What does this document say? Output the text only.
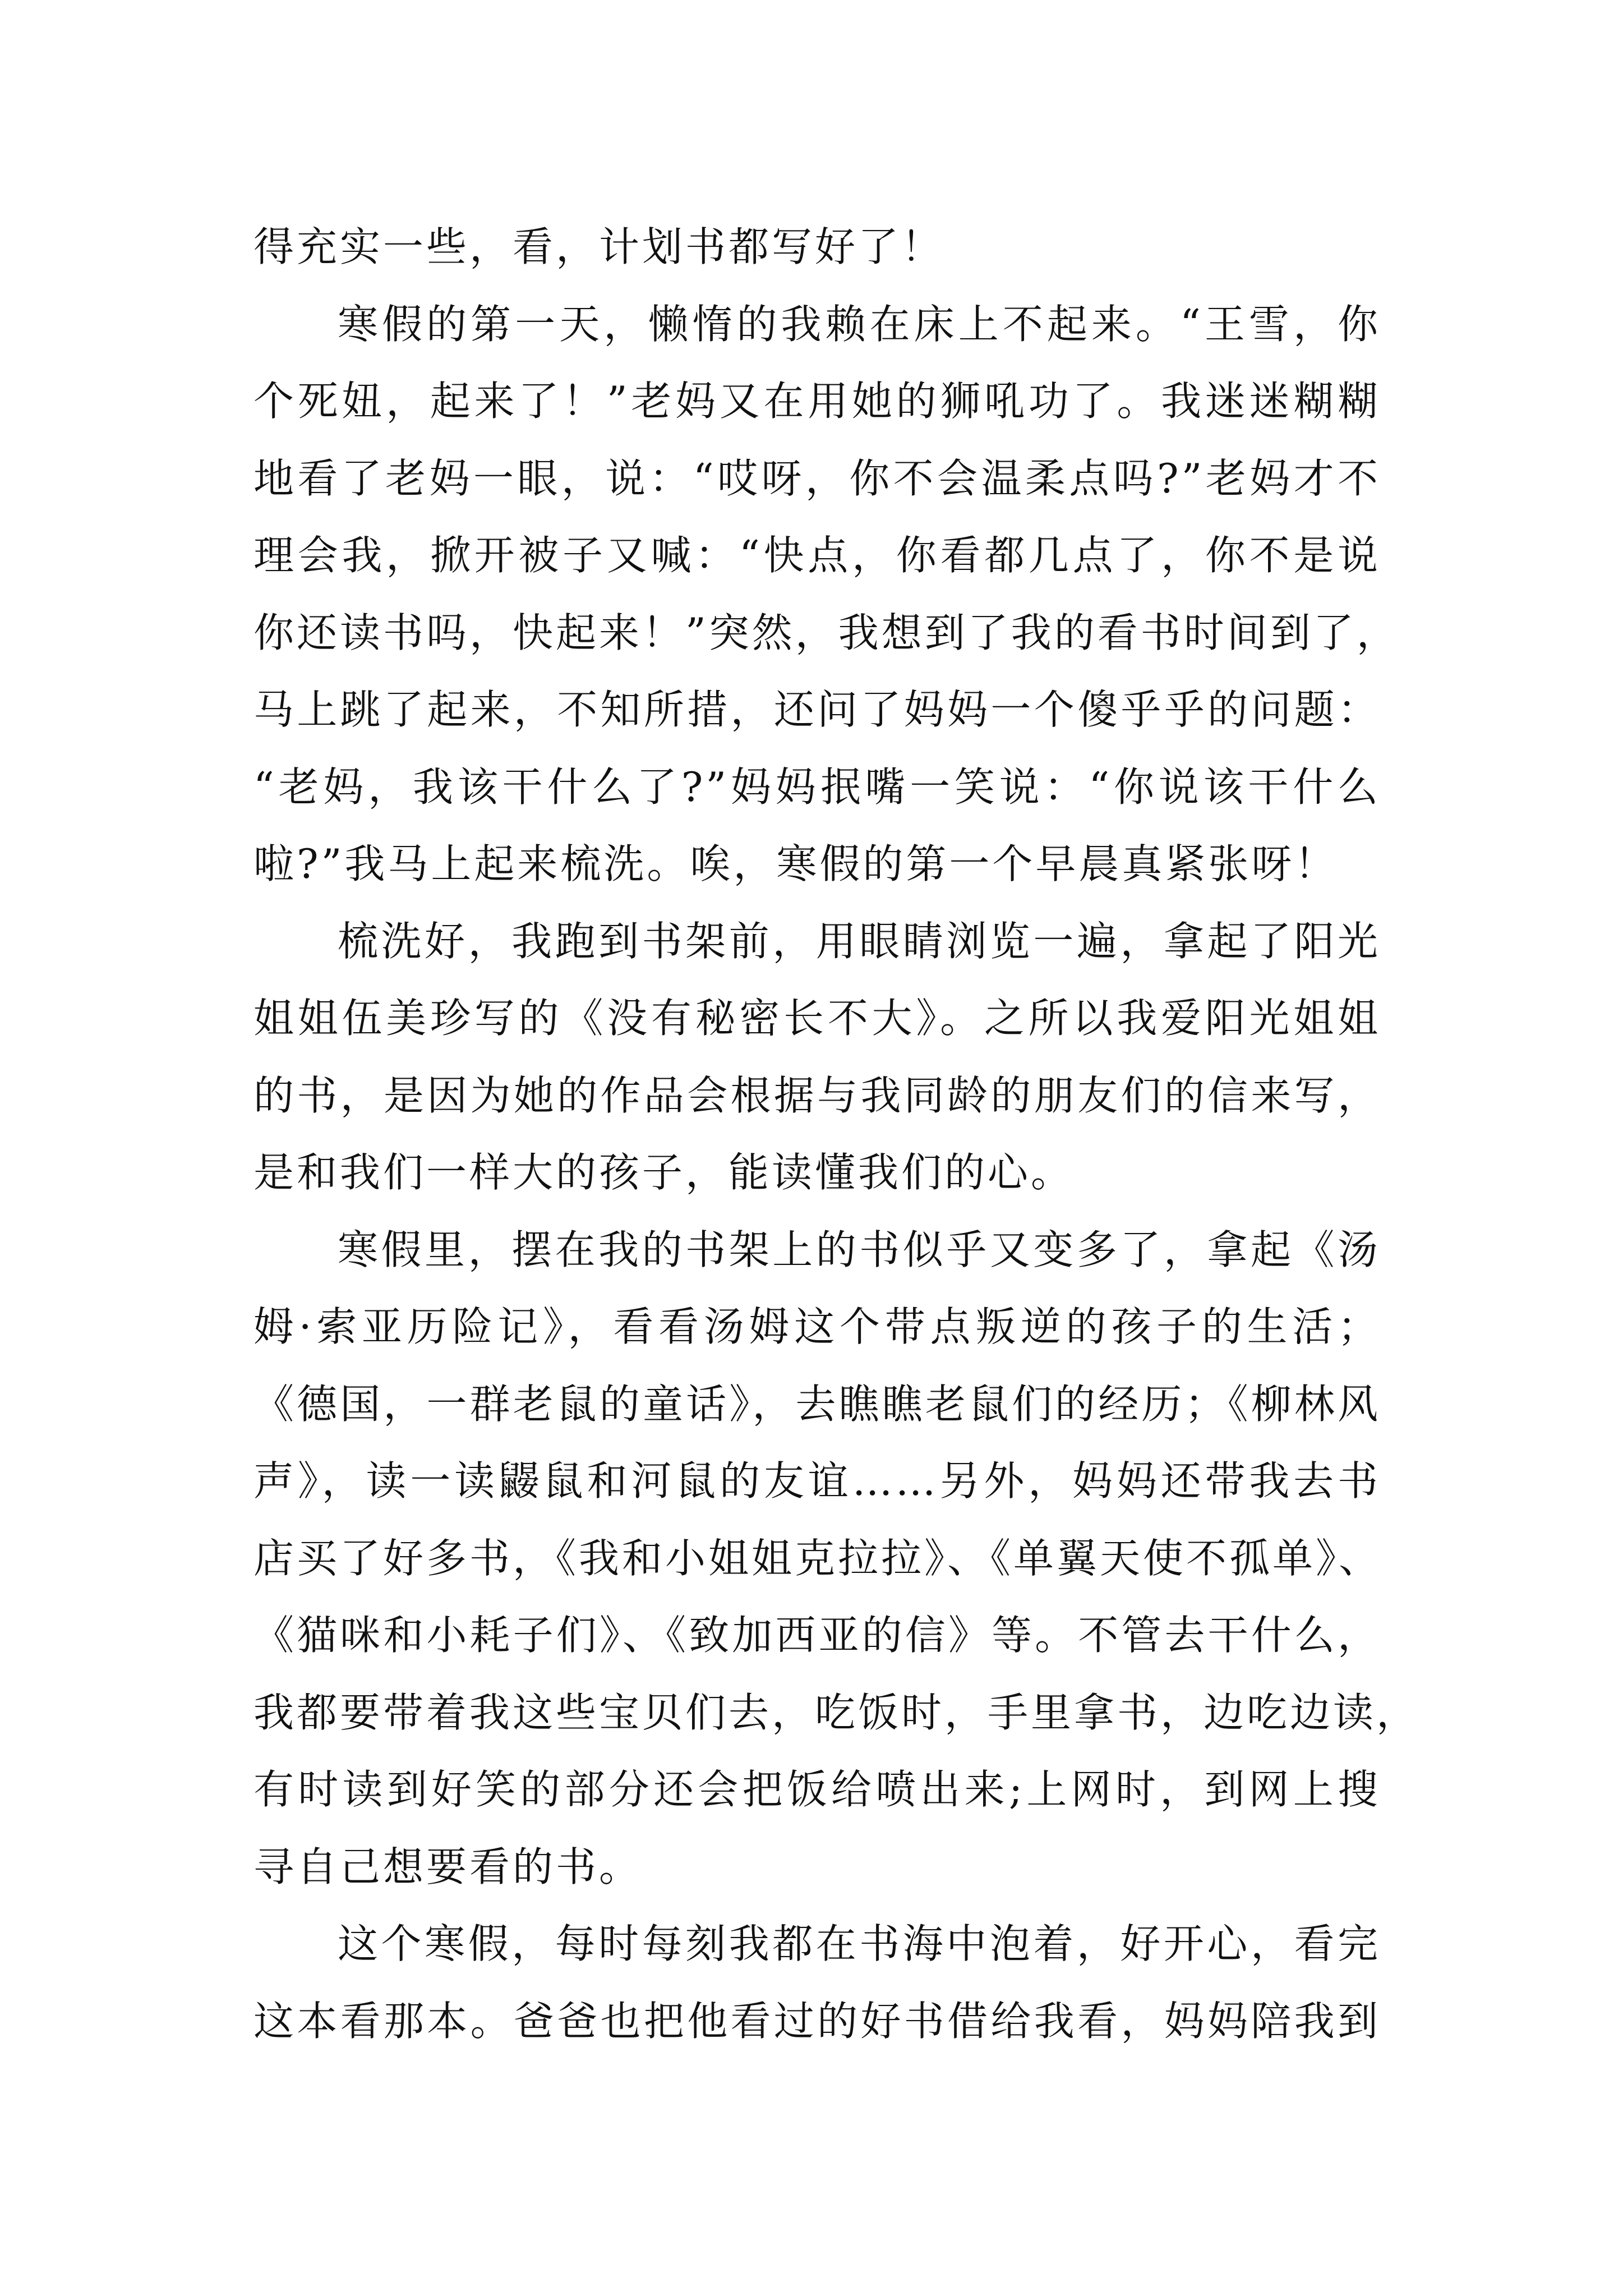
得充实一些，看，计划书都写好了！
寒假的第一天，懒惰的我赖在床上不起来。“王雪，你
个死妞，起来了！”老妈又在用她的狮吼功了。我迷迷糊糊
地看了老妈一眼，说：“哎呀，你不会温柔点吗?”老妈才不
理会我，掀开被子又喊：“快点，你看都几点了，你不是说
你还读书吗，快起来！”突然，我想到了我的看书时间到了，
马上跳了起来，不知所措，还问了妈妈一个傻乎乎的问题：
“老妈，我该干什么了?”妈妈抿嘴一笑说：“你说该干什么
啦?”我马上起来梳洗。唉，寒假的第一个早晨真紧张呀！
梳洗好，我跑到书架前，用眼睛浏览一遍，拿起了阳光
姐姐伍美珍写的《没有秘密长不大》。之所以我爱阳光姐姐
的书，是因为她的作品会根据与我同龄的朋友们的信来写，
是和我们一样大的孩子，能读懂我们的心。
寒假里，摆在我的书架上的书似乎又变多了，拿起《汤
姆·索亚历险记》，看看汤姆这个带点叛逆的孩子的生活；
《德国，一群老鼠的童话》，去瞧瞧老鼠们的经历；《柳林风
声》，读一读鼹鼠和河鼠的友谊……另外，妈妈还带我去书
店买了好多书，《我和小姐姐克拉拉》、《单翼天使不孤单》、
《猫咪和小耗子们》、《致加西亚的信》等。不管去干什么，
我都要带着我这些宝贝们去，吃饭时，手里拿书，边吃边读，
有时读到好笑的部分还会把饭给喷出来;上网时，到网上搜
寻自己想要看的书。
这个寒假，每时每刻我都在书海中泡着，好开心，看完
这本看那本。爸爸也把他看过的好书借给我看，妈妈陪我到
